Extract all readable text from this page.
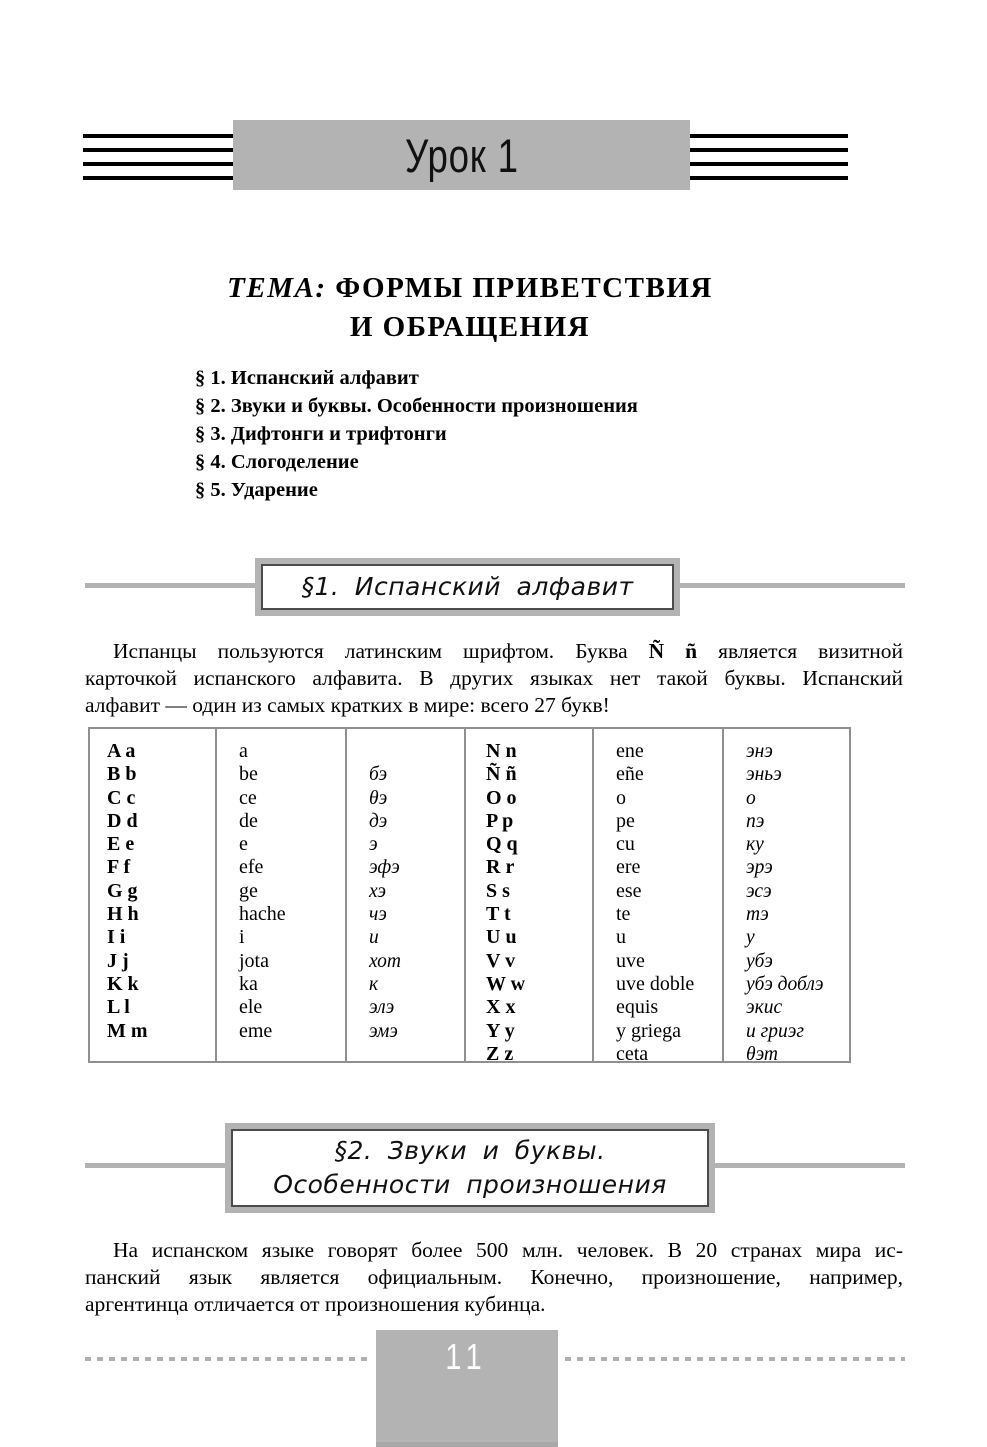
Урок 1
ТЕМА: ФОРМЫ ПРИВЕТСТВИЯ
И ОБРАЩЕНИЯ
§ 1. Испанский алфавит
§ 2. Звуки и буквы. Особенности произношения
§ 3. Дифтонги и трифтонги
§ 4. Слогоделение
§ 5. Ударение
§1. Испанский алфавит
Испанцы пользуются латинским шрифтом. Буква Ñ ñ является визитной
карточкой испанского алфавита. В других языках нет такой буквы. Испанский
алфавит — один из самых кратких в мире: всего 27 букв!
A a
B b
C c
D d
E e
F f
G g
H h
I i
J j
K k
L l
M m
a
be
ce
de
e
efe
ge
hache
i
jota
ka
ele
eme

бэ
θэ
дэ
э
эфэ
хэ
чэ
и
хот
к
элэ
эмэ
N n
Ñ ñ
O o
P p
Q q
R r
S s
T t
U u
V v
W w
X x
Y y
Z z
ene
eñe
o
pe
cu
ere
ese
te
u
uve
uve doble
equis
y griega
ceta
энэ
эньэ
о
пэ
ку
эрэ
эсэ
тэ
у
убэ
убэ доблэ
экис
и гриэг
θэт
§2. Звуки и буквы.
Особенности произношения
На испанском языке говорят более 500 млн. человек. В 20 странах мира ис-
панский язык является официальным. Конечно, произношение, например,
аргентинца отличается от произношения кубинца.
11
